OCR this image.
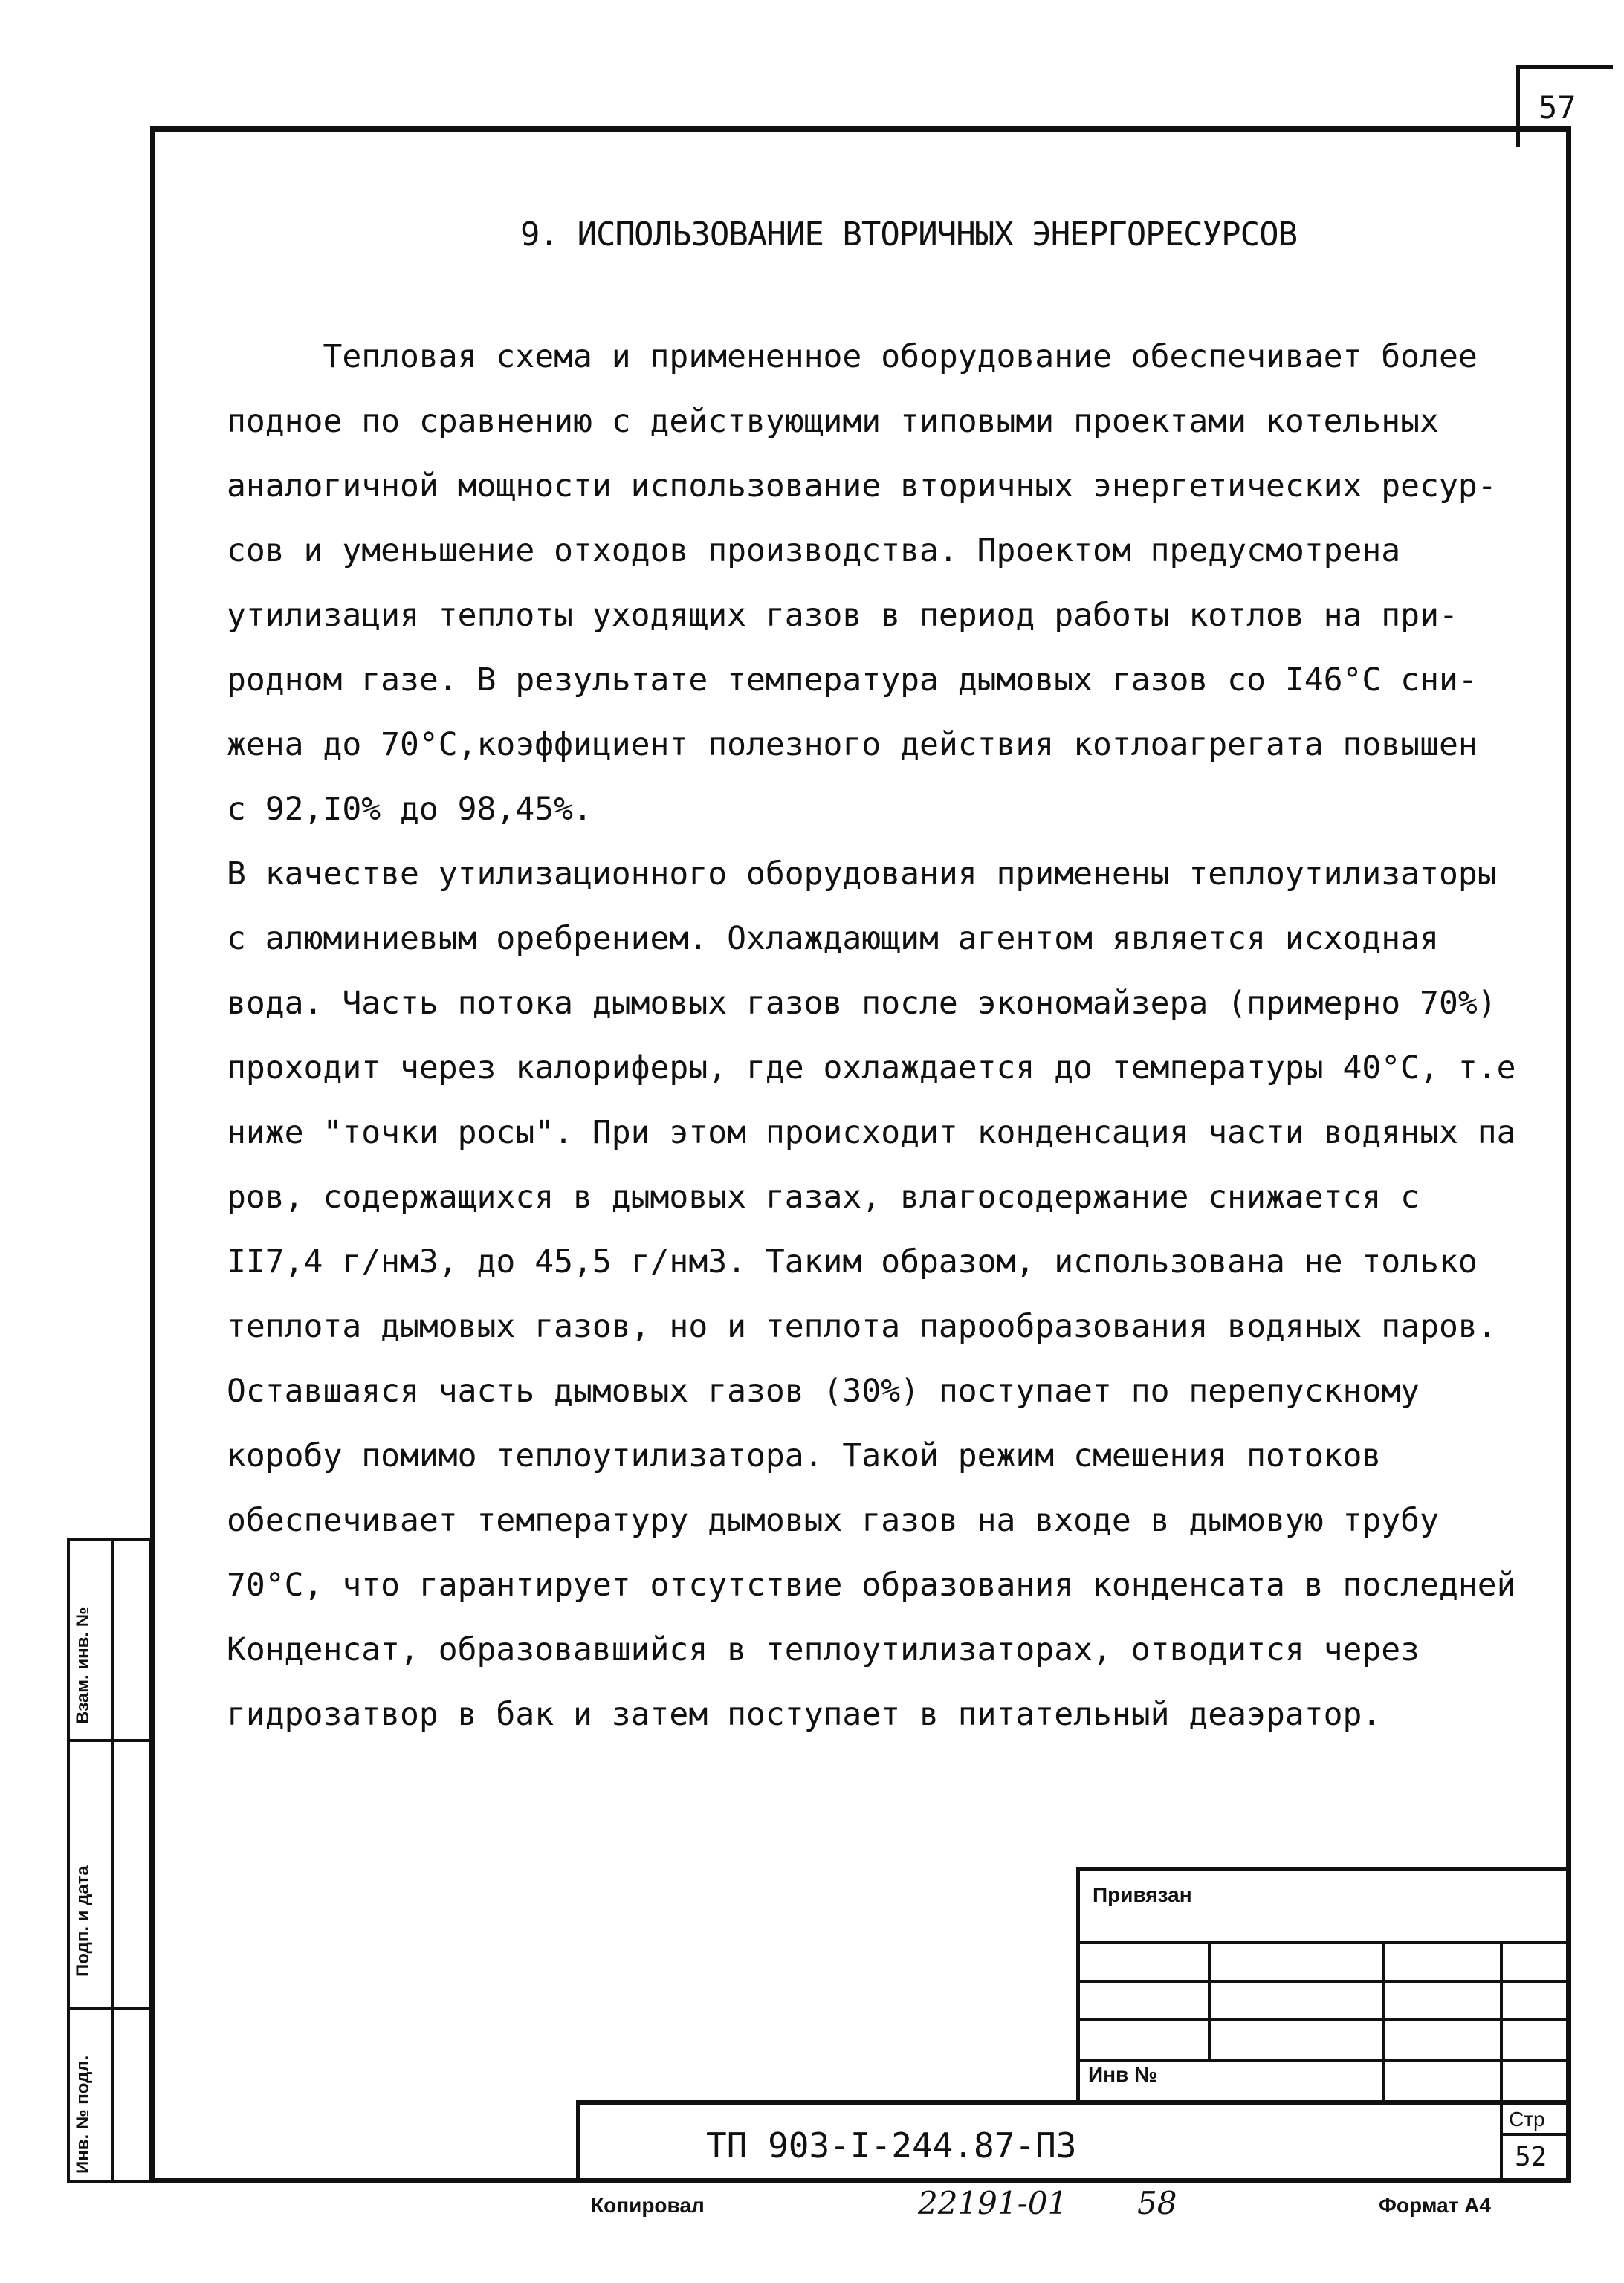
57
9. ИСПОЛЬЗОВАНИЕ ВТОРИЧНЫХ ЭНЕРГОРЕСУРСОВ
Тепловая схема и примененное оборудование обеспечивает более
подное по сравнению с действующими типовыми проектами котельных
аналогичной мощности использование вторичных энергетических ресур-
сов и уменьшение отходов производства. Проектом предусмотрена
утилизация теплоты уходящих газов в период работы котлов на при-
родном газе. В результате температура дымовых газов со I46°С сни-
жена до 70°С,коэффициент полезного действия котлоагрегата повышен
с 92,I0% до 98,45%.
В качестве утилизационного оборудования применены теплоутилизаторы
с алюминиевым оребрением. Охлаждающим агентом является исходная
вода. Часть потока дымовых газов после экономайзера (примерно 70%)
проходит через калориферы, где охлаждается до температуры 40°С, т.е
ниже "точки росы". При этом происходит конденсация части водяных па
ров, содержащихся в дымовых газах, влагосодержание снижается с
II7,4 г/нм3, до 45,5 г/нм3. Таким образом, использована не только
теплота дымовых газов, но и теплота парообразования водяных паров.
Оставшаяся часть дымовых газов (30%) поступает по перепускному
коробу помимо теплоутилизатора. Такой режим смешения потоков
обеспечивает температуру дымовых газов на входе в дымовую трубу
70°С, что гарантирует отсутствие образования конденсата в последней
Конденсат, образовавшийся в теплоутилизаторах, отводится через
гидрозатвор в бак и затем поступает в питательный деаэратор.
Взам. инв. №
Подп. и дата
Инв. № подл.
Привязан
Инв №
ТП 903-I-244.87-ПЗ
Стр
52
Копировал	22191-01 58	Формат А4
